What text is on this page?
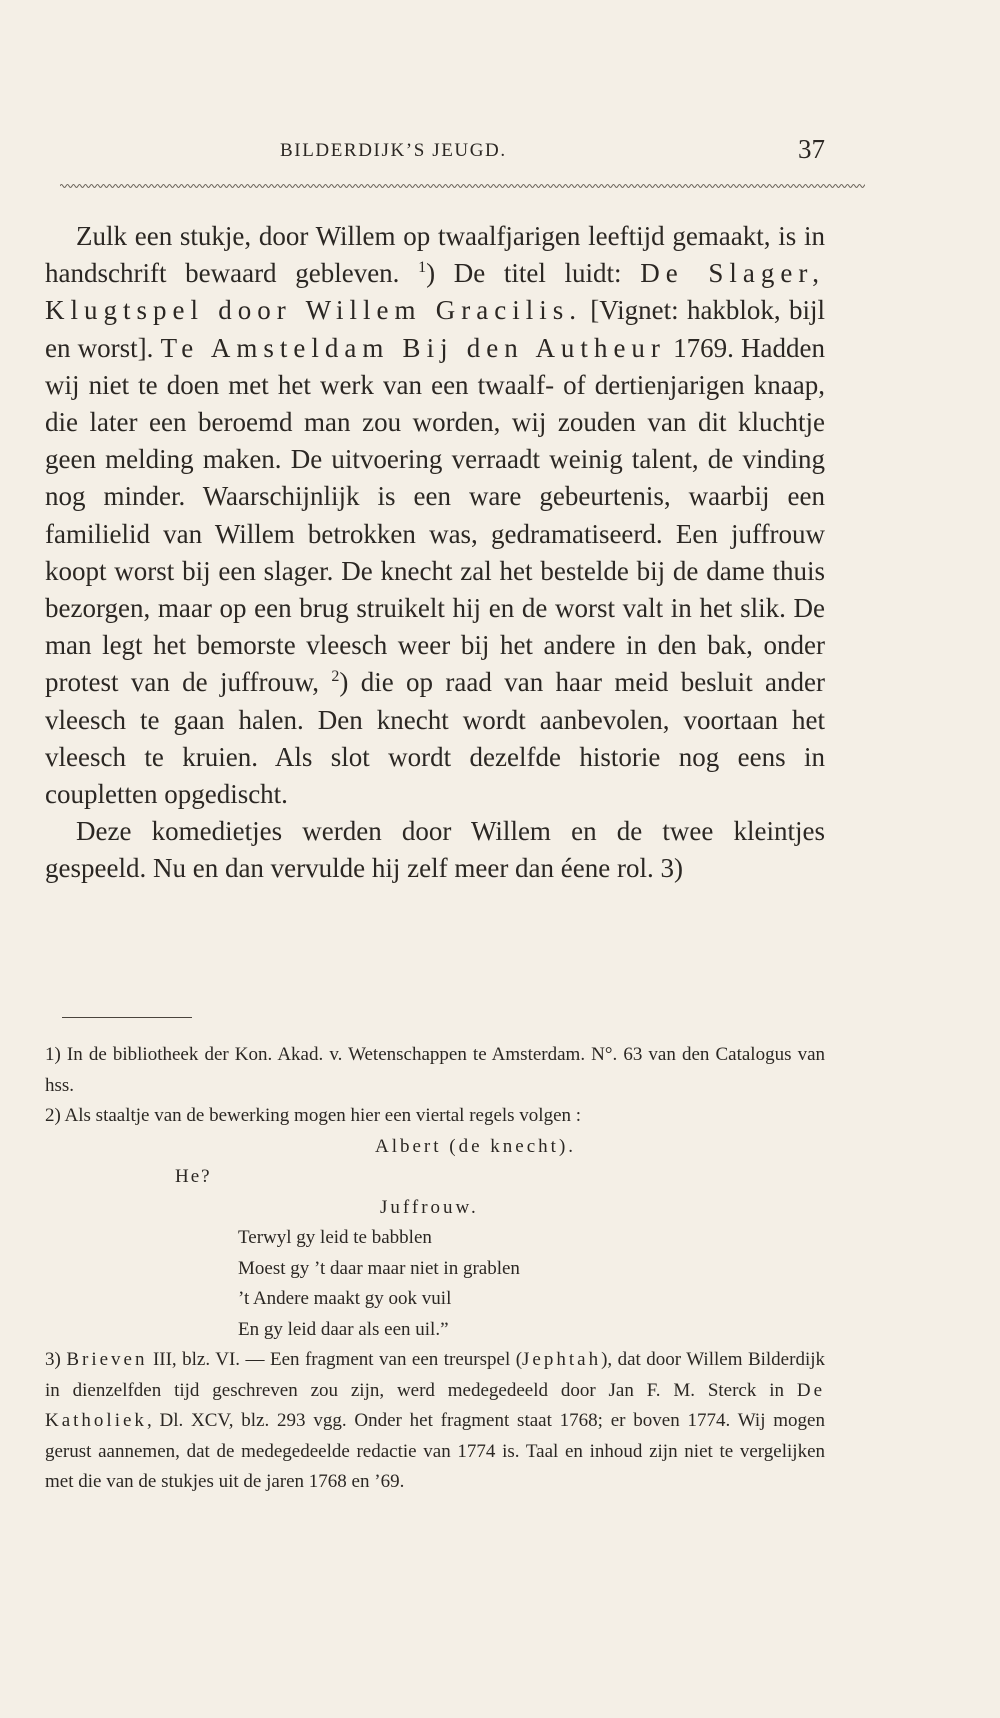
BILDERDIJK’S JEUGD.	37

Zulk een stukje, door Willem op twaalfjarigen leeftijd gemaakt, is in handschrift bewaard gebleven. $^1$) De titel luidt: De Slager, Klugtspel door Willem Gracilis. [Vignet: hakblok, bijl en worst]. Te Amsteldam Bij den Autheur 1769. Hadden wij niet te doen met het werk van een twaalf- of dertienjarigen knaap, die later een beroemd man zou worden, wij zouden van dit kluchtje geen melding maken. De uitvoering verraadt weinig talent, de vinding nog minder. Waarschijnlijk is een ware gebeurtenis, waarbij een familielid van Willem betrokken was, gedramatiseerd. Een juffrouw koopt worst bij een slager. De knecht zal het bestelde bij de dame thuis bezorgen, maar op een brug struikelt hij en de worst valt in het slik. De man legt het bemorste vleesch weer bij het andere in den bak, onder protest van de juffrouw, $^2$) die op raad van haar meid besluit ander vleesch te gaan halen. Den knecht wordt aanbevolen, voortaan het vleesch te kruien. Als slot wordt dezelfde historie nog eens in coupletten opgedischt.

Deze komedietjes werden door Willem en de twee kleintjes gespeeld. Nu en dan vervulde hij zelf meer dan éene rol. 3)

1) In de bibliotheek der Kon. Akad. v. Wetenschappen te Amsterdam. N°. 63 van den Catalogus van hss.

2) Als staaltje van de bewerking mogen hier een viertal regels volgen :

Albert (de knecht).

He?

Juffrouw.

Terwyl gy leid te babblen

Moest gy ’t daar maar niet in grablen

’t Andere maakt gy ook vuil

En gy leid daar als een uil.”

3) Brieven III, blz. VI. — Een fragment van een treurspel (Jephtah), dat door Willem Bilderdijk in dienzelfden tijd geschreven zou zijn, werd medegedeeld door Jan F. M. Sterck in De Katholiek, Dl. XCV, blz. 293 vgg. Onder het fragment staat 1768; er boven 1774. Wij mogen gerust aannemen, dat de medegedeelde redactie van 1774 is. Taal en inhoud zijn niet te vergelijken met die van de stukjes uit de jaren 1768 en ’69.
